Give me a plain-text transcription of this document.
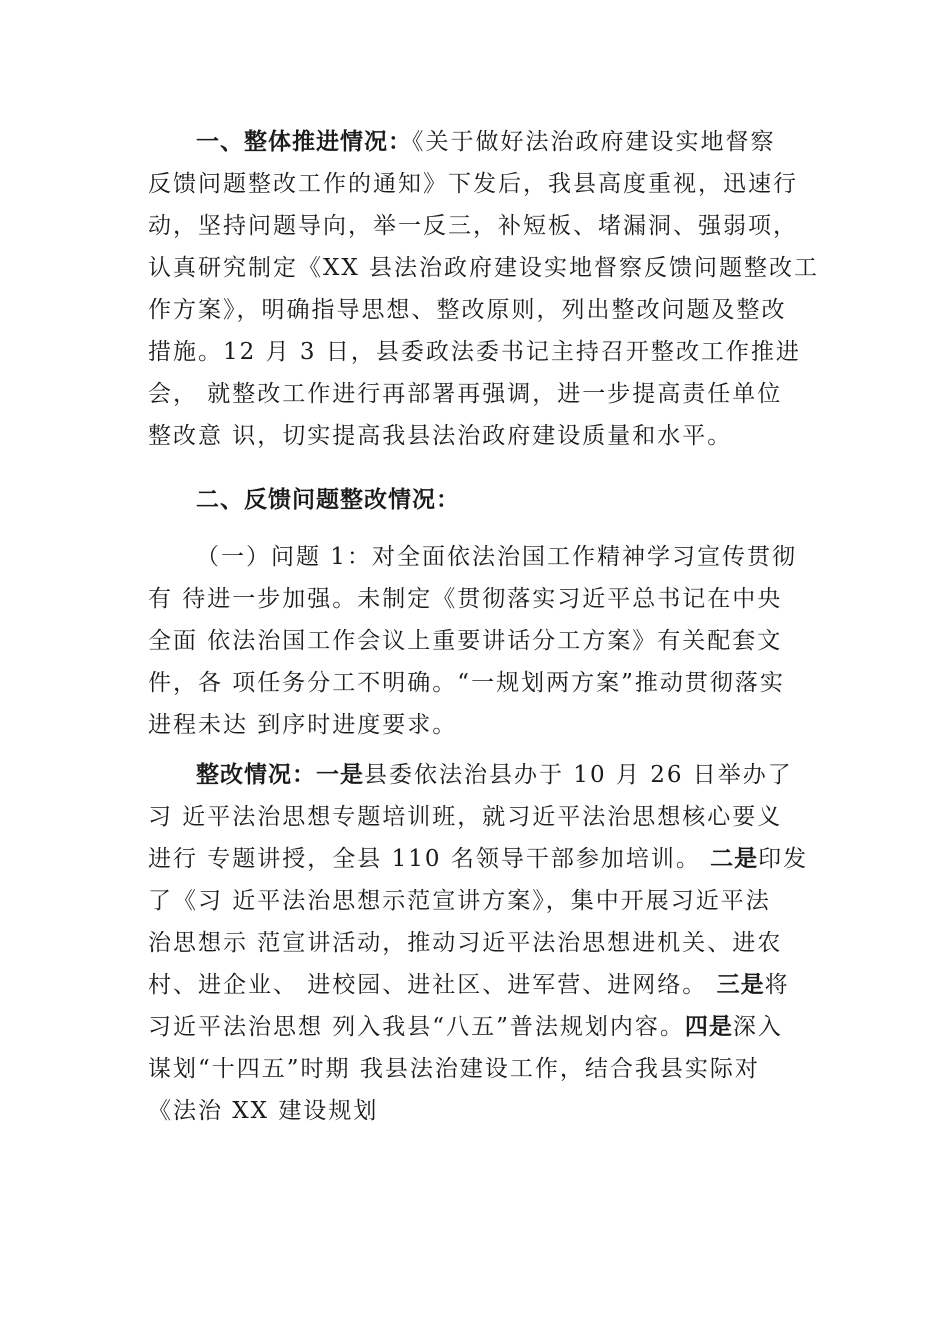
一、整体推进情况：《关于做好法治政府建设实地督察
反馈问题整改工作的通知》下发后，我县高度重视，迅速行
动，坚持问题导向，举一反三，补短板、堵漏洞、强弱项，
认真研究制定《XX 县法治政府建设实地督察反馈问题整改工
作方案》，明确指导思想、整改原则，列出整改问题及整改
措施。12 月 3 日，县委政法委书记主持召开整改工作推进
会， 就整改工作进行再部署再强调，进一步提高责任单位
整改意 识，切实提高我县法治政府建设质量和水平。
二、反馈问题整改情况：
（一）问题 1：对全面依法治国工作精神学习宣传贯彻
有 待进一步加强。未制定《贯彻落实习近平总书记在中央
全面 依法治国工作会议上重要讲话分工方案》有关配套文
件，各 项任务分工不明确。“一规划两方案”推动贯彻落实
进程未达 到序时进度要求。
整改情况：一是县委依法治县办于 10 月 26 日举办了
习 近平法治思想专题培训班，就习近平法治思想核心要义
进行 专题讲授，全县 110 名领导干部参加培训。 二是印发
了《习 近平法治思想示范宣讲方案》，集中开展习近平法
治思想示 范宣讲活动，推动习近平法治思想进机关、进农
村、进企业、 进校园、进社区、进军营、进网络。 三是将
习近平法治思想 列入我县“八五”普法规划内容。四是深入
谋划“十四五”时期 我县法治建设工作，结合我县实际对
《法治 XX 建设规划
